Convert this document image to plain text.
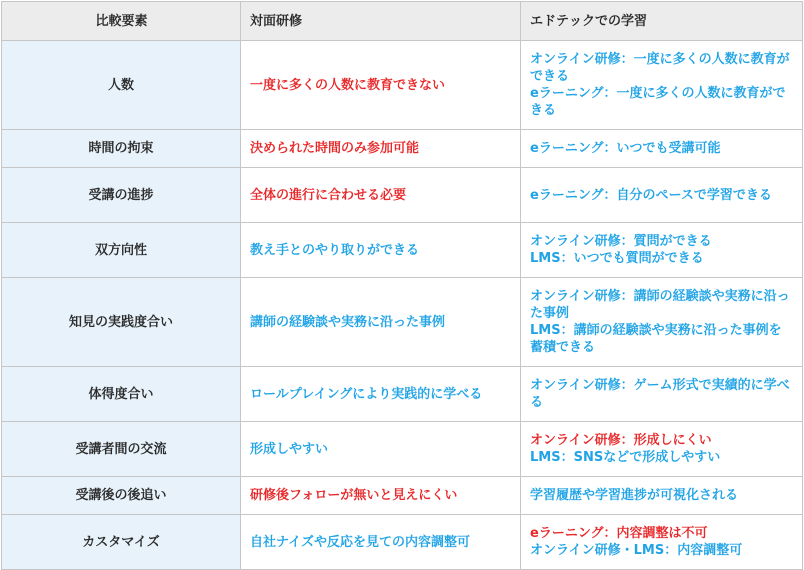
比較要素	対面研修	エドテックでの学習
人数	一度に多くの人数に教育できない	オンライン研修：一度に多くの人数に教育ができる
eラーニング：一度に多くの人数に教育ができる

時間の拘束	決められた時間のみ参加可能	eラーニング：いつでも受講可能

受講の進捗	全体の進行に合わせる必要	eラーニング：自分のペースで学習できる

双方向性	教え手とのやり取りができる	オンライン研修：質問ができる
LMS：いつでも質問ができる

知見の実践度合い	講師の経験談や実務に沿った事例	オンライン研修：講師の経験談や実務に沿った事例
LMS：講師の経験談や実務に沿った事例を蓄積できる

体得度合い	ロールプレイングにより実践的に学べる	オンライン研修：ゲーム形式で実績的に学べる

受講者間の交流	形成しやすい	オンライン研修：形成しにくい
LMS：SNSなどで形成しやすい

受講後の後追い	研修後フォローが無いと見えにくい	学習履歴や学習進捗が可視化される

カスタマイズ	自社ナイズや反応を見ての内容調整可	eラーニング：内容調整は不可
オンライン研修・LMS：内容調整可
